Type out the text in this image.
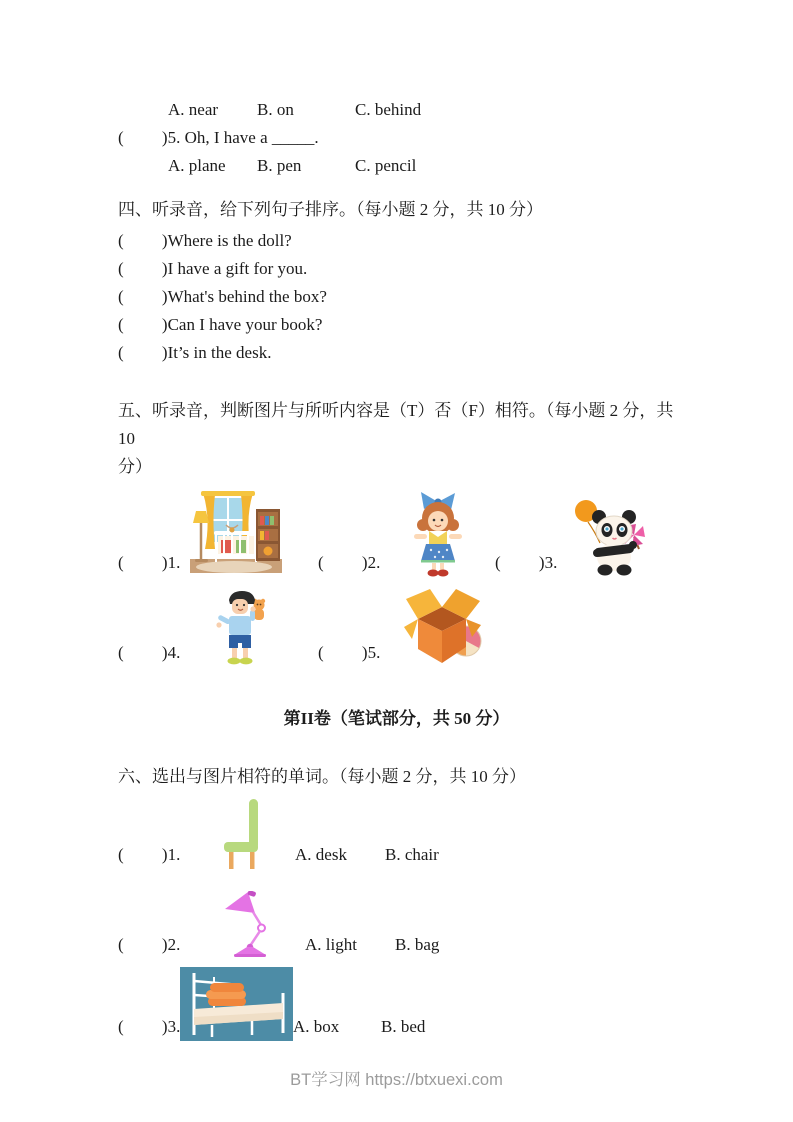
A. near	B. on	C. behind

(         )5. Oh, I have a _____.

A. plane	B. pen	C. pencil

四、听录音，给下列句子排序。（每小题 2 分，共 10 分）

(         )Where is the doll?

(         )I have a gift for you.

(         )What's behind the box?

(         )Can I have your book?

(         )It’s in the desk.

五、听录音，判断图片与所听内容是（T）否（F）相符。（每小题 2 分，共 10

分）

(         )1.	(         )2.	(         )3.
(         )4.	(         )5.

第II卷（笔试部分，共 50 分）

六、选出与图片相符的单词。（每小题 2 分，共 10 分）

(         )1.	A. desk	B. chair
(         )2.	A. light	B. bag
(         )3.	A. box	B. bed
BT学习网 https://btxuexi.com
